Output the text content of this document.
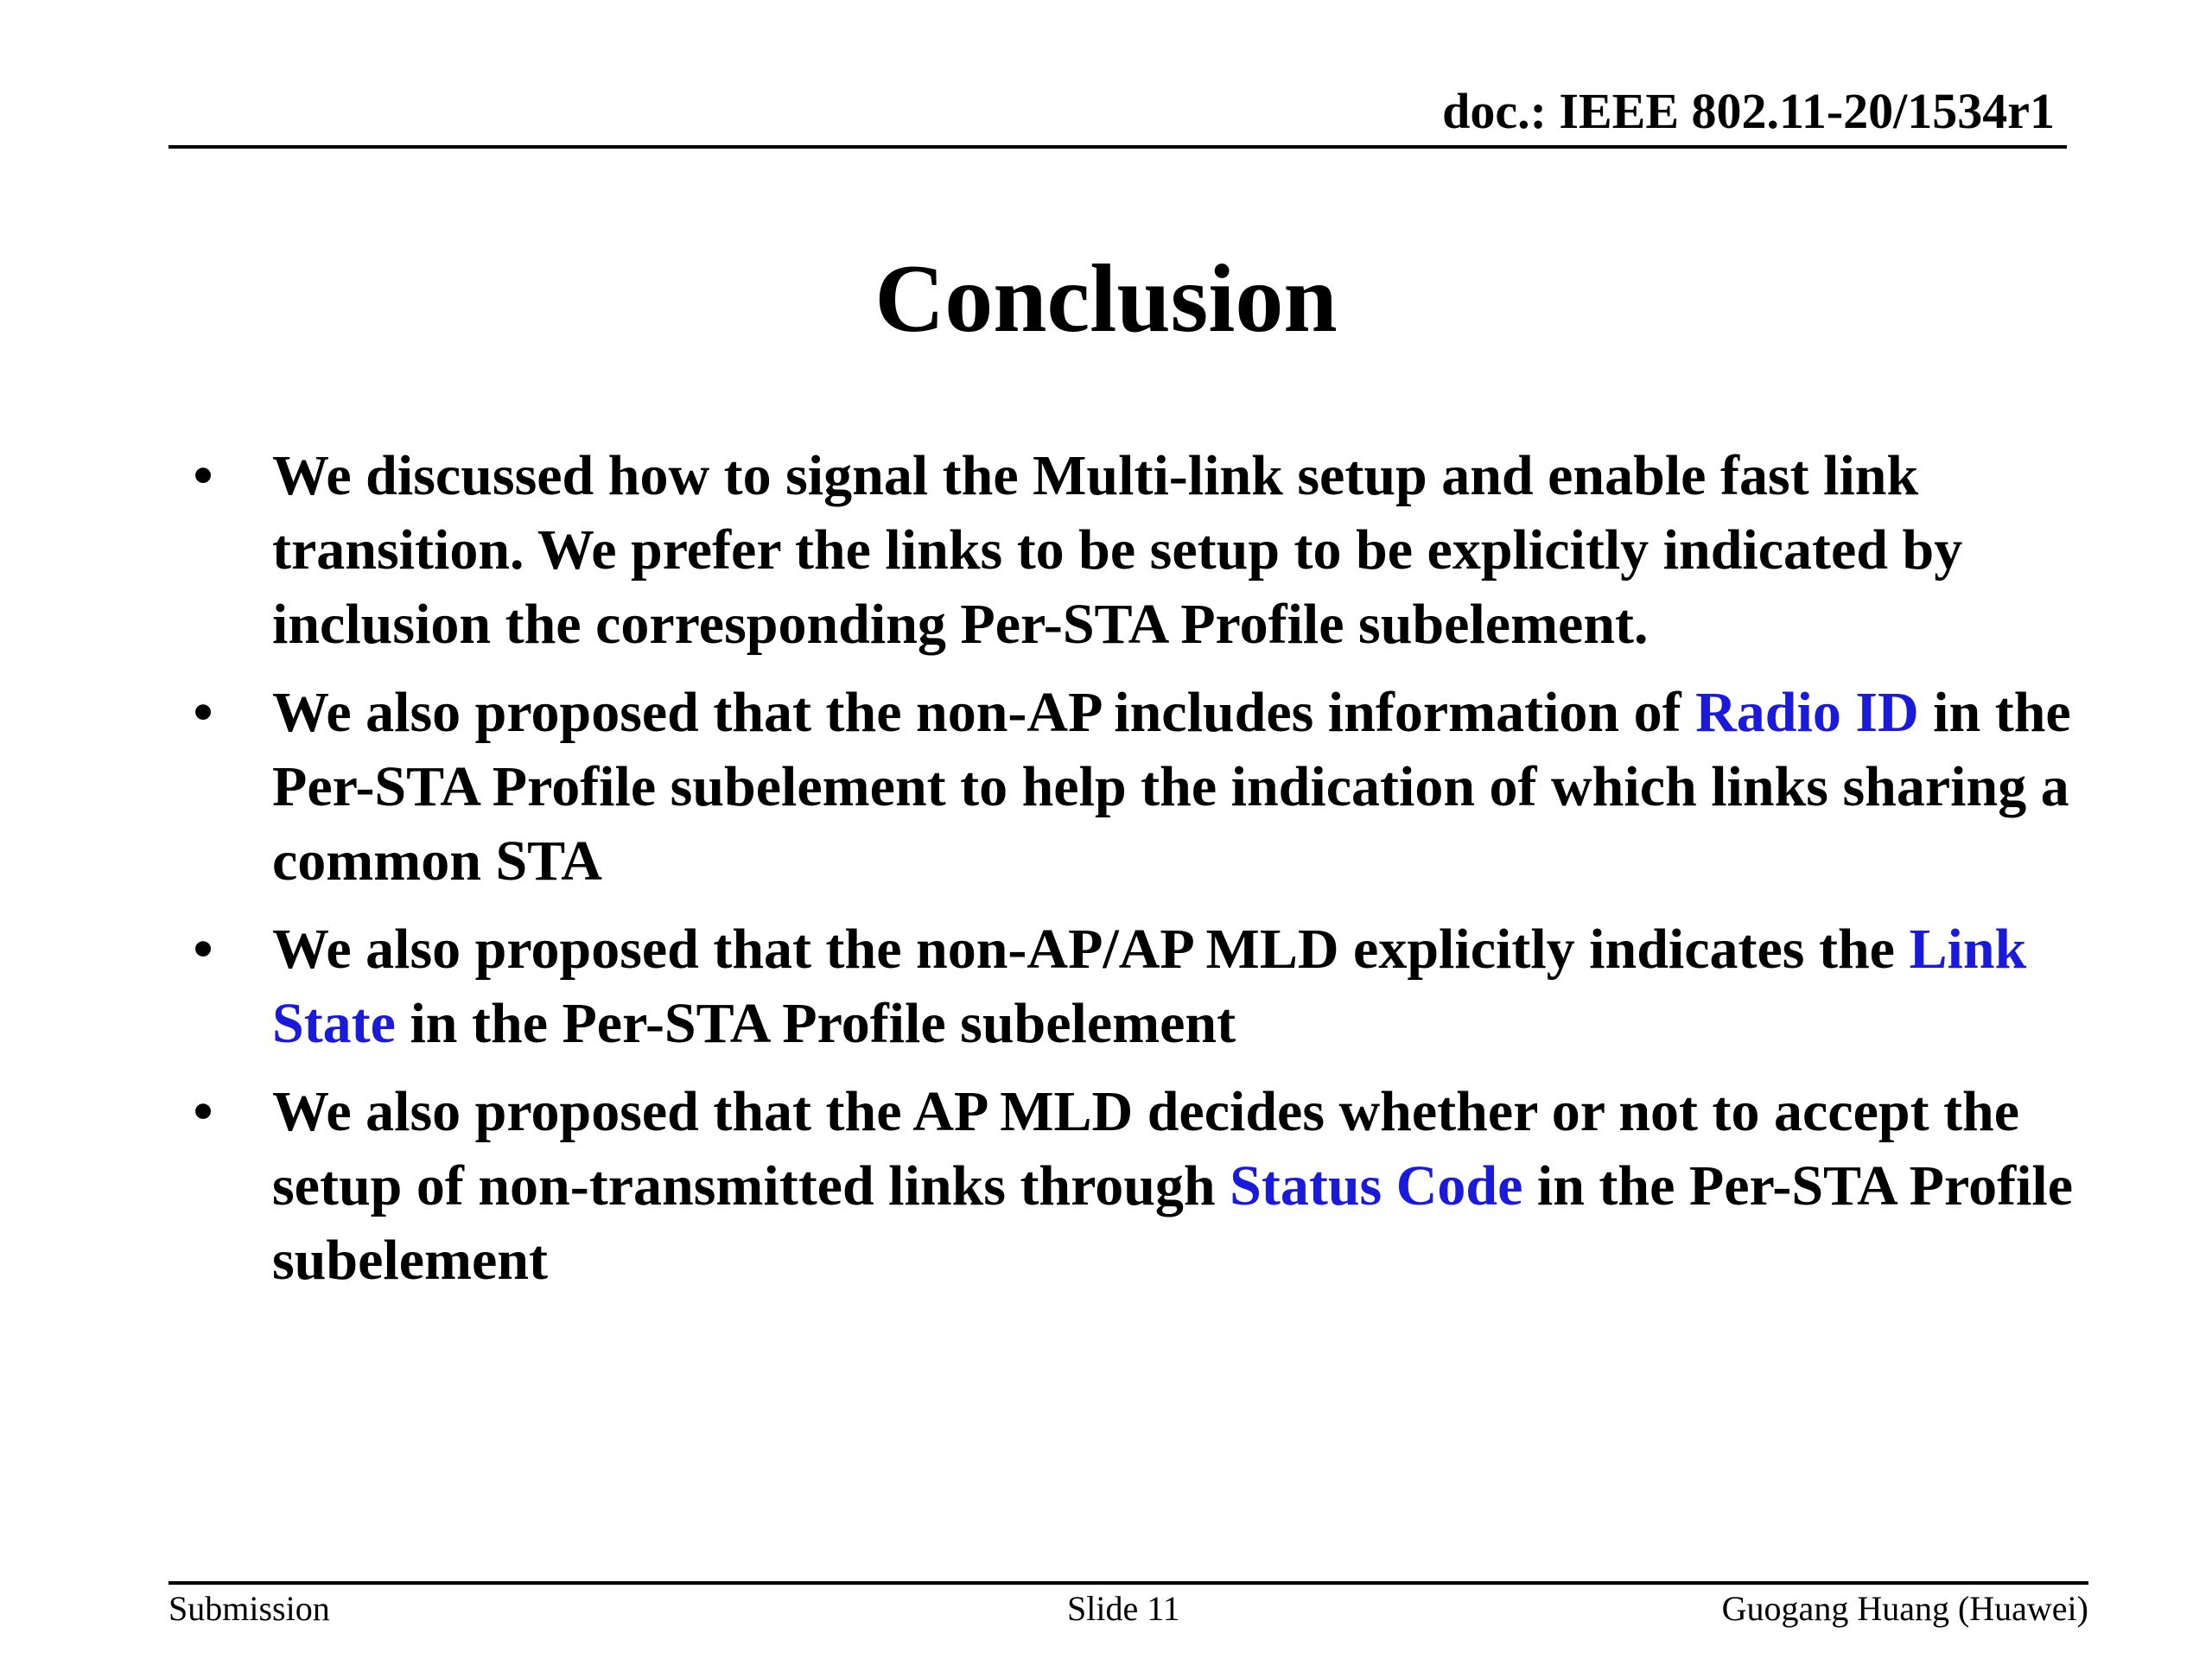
doc.: IEEE 802.11-20/1534r1
Conclusion
• We discussed how to signal the Multi-link setup and enable fast link transition. We prefer the links to be setup to be explicitly indicated by inclusion the corresponding Per-STA Profile subelement.
• We also proposed that the non-AP includes information of Radio ID in the Per-STA Profile subelement to help the indication of which links sharing a common STA
• We also proposed that the non-AP/AP MLD explicitly indicates the Link State in the Per-STA Profile subelement
• We also proposed that the AP MLD decides whether or not to accept the setup of non-transmitted links through Status Code in the Per-STA Profile subelement
Submission	Slide 11	Guogang Huang (Huawei)
